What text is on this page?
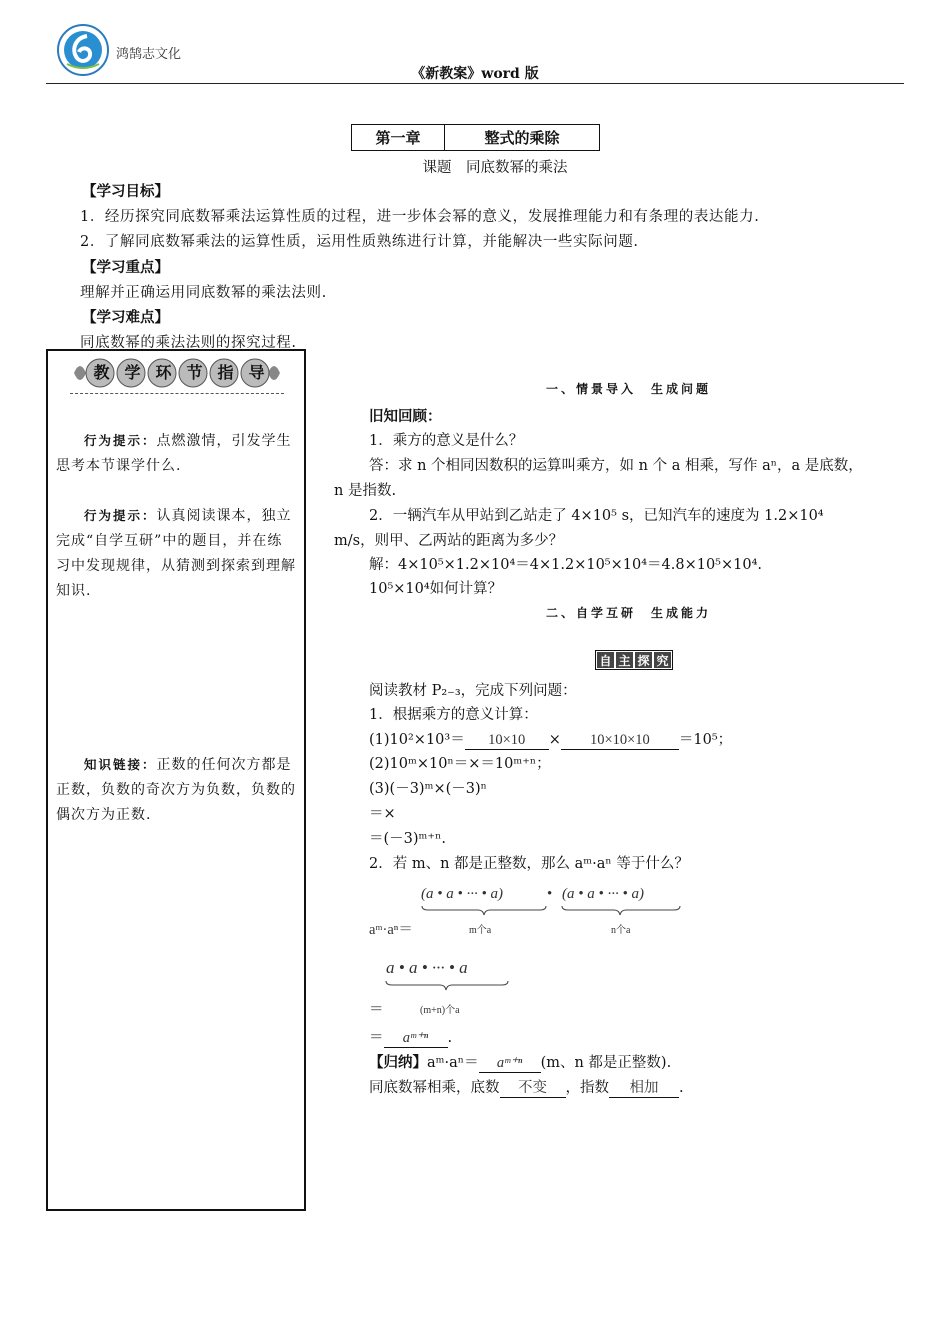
鸿鹄志文化
《新教案》word 版
第一章	整式的乘除
课题　同底数幂的乘法
【学习目标】
1．经历探究同底数幂乘法运算性质的过程，进一步体会幂的意义，发展推理能力和有条理的表达能力.
2．了解同底数幂乘法的运算性质，运用性质熟练进行计算，并能解决一些实际问题.
【学习重点】
理解并正确运用同底数幂的乘法法则.
【学习难点】
同底数幂的乘法法则的探究过程.
教 学 环 节 指 导
行为提示：点燃激情，引发学生思考本节课学什么.
行为提示：认真阅读课本，独立完成“自学互研”中的题目，并在练习中发现规律，从猜测到探索到理解知识.
知识链接：正数的任何次方都是正数，负数的奇次方为负数，负数的偶次方为正数.
一、情景导入　生成问题
旧知回顾：
1．乘方的意义是什么？
答：求 n 个相同因数积的运算叫乘方，如 n 个 a 相乘，写作 aⁿ，a 是底数，
n 是指数.
2．一辆汽车从甲站到乙站走了 4×10⁵ s，已知汽车的速度为 1.2×10⁴
m/s，则甲、乙两站的距离为多少？
解：4×10⁵×1.2×10⁴＝4×1.2×10⁵×10⁴＝4.8×10⁵×10⁴.
10⁵×10⁴如何计算？
二、自学互研　生成能力
自 主 探 究
阅读教材 P₂₋₃，完成下列问题：
1．根据乘方的意义计算：
(1)10²×10³＝ 10×10 × 10×10×10 ＝10⁵；
(2)10ᵐ×10ⁿ＝×＝10ᵐ⁺ⁿ；
(3)(－3)ᵐ×(－3)ⁿ
＝×
＝(－3)ᵐ⁺ⁿ.
2．若 m、n 都是正整数，那么 aᵐ·aⁿ 等于什么？
(a • a • ··· • a)	• (a • a • ··· • a)
m个a	n个a
aᵐ·aⁿ＝
a • a • ··· • a
＝	(m+n)个a
＝ aᵐ⁺ⁿ .
【归纳】aᵐ·aⁿ＝ aᵐ⁺ⁿ (m、n 都是正整数).
同底数幂相乘，底数 不变 ，指数 相加 .
